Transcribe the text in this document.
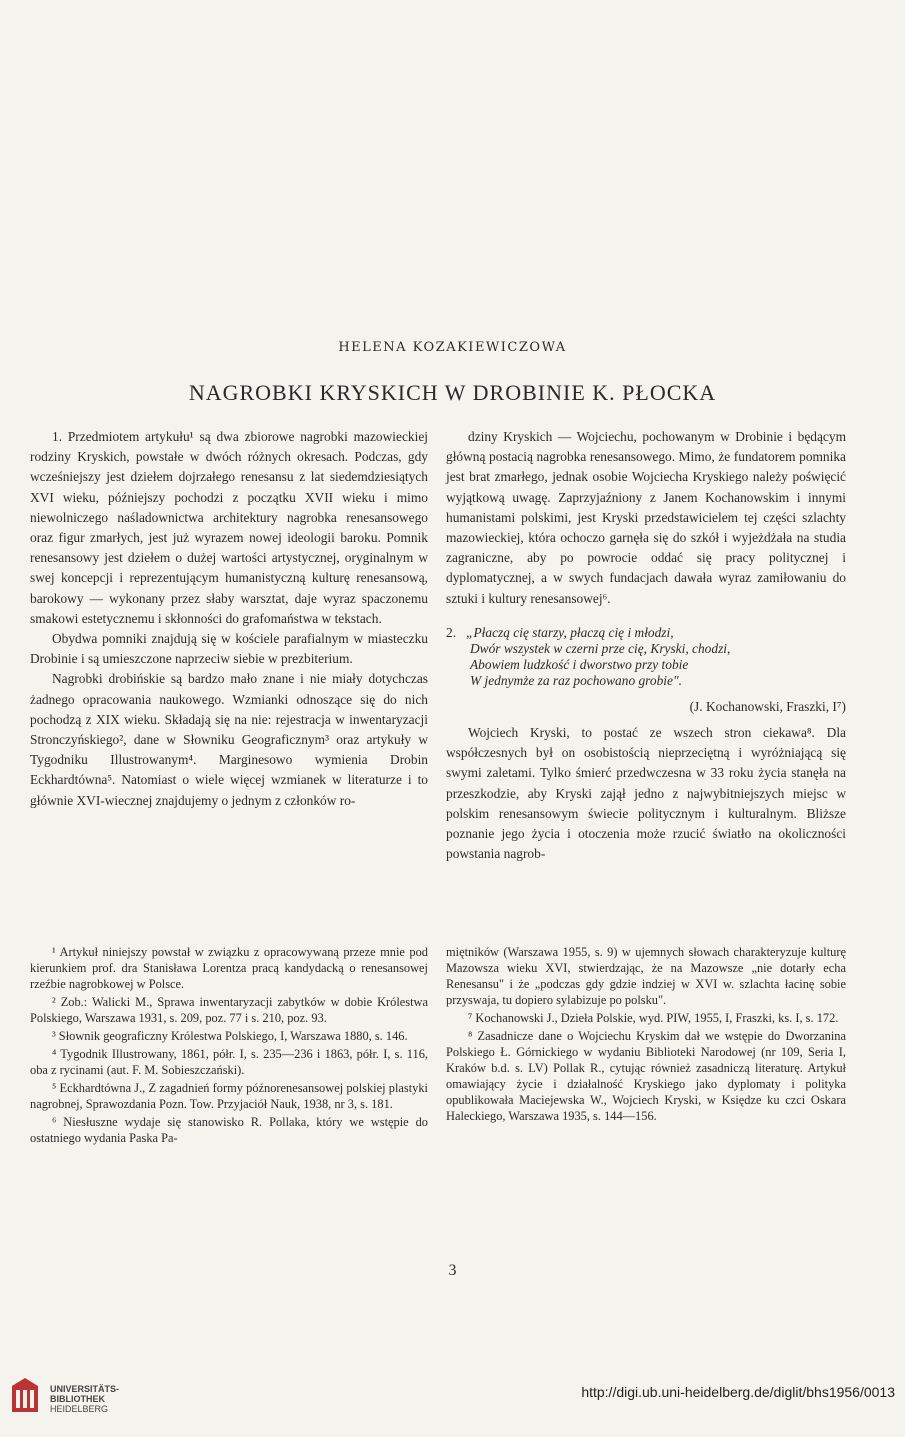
HELENA KOZAKIEWICZOWA
NAGROBKI KRYSKICH W DROBINIE K. PŁOCKA

1. Przedmiotem artykułu¹ są dwa zbiorowe nagrobki mazowieckiej rodziny Kryskich, powstałe w dwóch różnych okresach. Podczas, gdy wcześniejszy jest dziełem dojrzałego renesansu z lat siedemdziesiątych XVI wieku, późniejszy pochodzi z początku XVII wieku i mimo niewolniczego naśladownictwa architektury nagrobka renesansowego oraz figur zmarłych, jest już wyrazem nowej ideologii baroku. Pomnik renesansowy jest dziełem o dużej wartości artystycznej, oryginalnym w swej koncepcji i reprezentującym humanistyczną kulturę renesansową, barokowy — wykonany przez słaby warsztat, daje wyraz spaczonemu smakowi estetycznemu i skłonności do grafomaństwa w tekstach.

Obydwa pomniki znajdują się w kościele parafialnym w miasteczku Drobinie i są umieszczone naprzeciw siebie w prezbiterium.

Nagrobki drobińskie są bardzo mało znane i nie miały dotychczas żadnego opracowania naukowego. Wzmianki odnoszące się do nich pochodzą z XIX wieku. Składają się na nie: rejestracja w inwentaryzacji Stronczyńskiego², dane w Słowniku Geograficznym³ oraz artykuły w Tygodniku Illustrowanym⁴. Marginesowo wymienia Drobin Eckhardtówna⁵. Natomiast o wiele więcej wzmianek w literaturze i to głównie XVI-wiecznej znajdujemy o jednym z członków ro-

dziny Kryskich — Wojciechu, pochowanym w Drobinie i będącym główną postacią nagrobka renesansowego. Mimo, że fundatorem pomnika jest brat zmarłego, jednak osobie Wojciecha Kryskiego należy poświęcić wyjątkową uwagę. Zaprzyjaźniony z Janem Kochanowskim i innymi humanistami polskimi, jest Kryski przedstawicielem tej części szlachty mazowieckiej, która ochoczo garnęła się do szkół i wyjeżdżała na studia zagraniczne, aby po powrocie oddać się pracy politycznej i dyplomatycznej, a w swych fundacjach dawała wyraz zamiłowaniu do sztuki i kultury renesansowej⁶.

2. „Płaczą cię starzy, płaczą cię i młodzi,
Dwór wszystek w czerni prze cię, Kryski, chodzi,
Abowiem ludzkość i dworstwo przy tobie
W jednymże za raz pochowano grobie".
(J. Kochanowski, Fraszki, I⁷)

Wojciech Kryski, to postać ze wszech stron ciekawa⁸. Dla współczesnych był on osobistością nieprzeciętną i wyróżniającą się swymi zaletami. Tylko śmierć przedwczesna w 33 roku życia stanęła na przeszkodzie, aby Kryski zajął jedno z najwybitniejszych miejsc w polskim renesansowym świecie politycznym i kulturalnym. Bliższe poznanie jego życia i otoczenia może rzucić światło na okoliczności powstania nagrob-

¹ Artykuł niniejszy powstał w związku z opracowywaną przeze mnie pod kierunkiem prof. dra Stanisława Lorentza pracą kandydacką o renesansowej rzeźbie nagrobkowej w Polsce.

² Zob.: Walicki M., Sprawa inwentaryzacji zabytków w dobie Królestwa Polskiego, Warszawa 1931, s. 209, poz. 77 i s. 210, poz. 93.

³ Słownik geograficzny Królestwa Polskiego, I, Warszawa 1880, s. 146.

⁴ Tygodnik Illustrowany, 1861, półr. I, s. 235—236 i 1863, półr. I, s. 116, oba z rycinami (aut. F. M. Sobieszczański).

⁵ Eckhardtówna J., Z zagadnień formy późnorenesansowej polskiej plastyki nagrobnej, Sprawozdania Pozn. Tow. Przyjaciół Nauk, 1938, nr 3, s. 181.

⁶ Niesłuszne wydaje się stanowisko R. Pollaka, który we wstępie do ostatniego wydania Paska Pa-

miętników (Warszawa 1955, s. 9) w ujemnych słowach charakteryzuje kulturę Mazowsza wieku XVI, stwierdzając, że na Mazowsze „nie dotarły echa Renesansu" i że „podczas gdy gdzie indziej w XVI w. szlachta łacinę sobie przyswaja, tu dopiero sylabizuje po polsku".

⁷ Kochanowski J., Dzieła Polskie, wyd. PIW, 1955, I, Fraszki, ks. I, s. 172.

⁸ Zasadnicze dane o Wojciechu Kryskim dał we wstępie do Dworzanina Polskiego Ł. Górnickiego w wydaniu Biblioteki Narodowej (nr 109, Seria I, Kraków b.d. s. LV) Pollak R., cytując również zasadniczą literaturę. Artykuł omawiający życie i działalność Kryskiego jako dyplomaty i polityka opublikowała Maciejewska W., Wojciech Kryski, w Księdze ku czci Oskara Haleckiego, Warszawa 1935, s. 144—156.

3
UNIVERSITÄTS-
BIBLIOTHEK
HEIDELBERG
http://digi.ub.uni-heidelberg.de/diglit/bhs1956/0013
